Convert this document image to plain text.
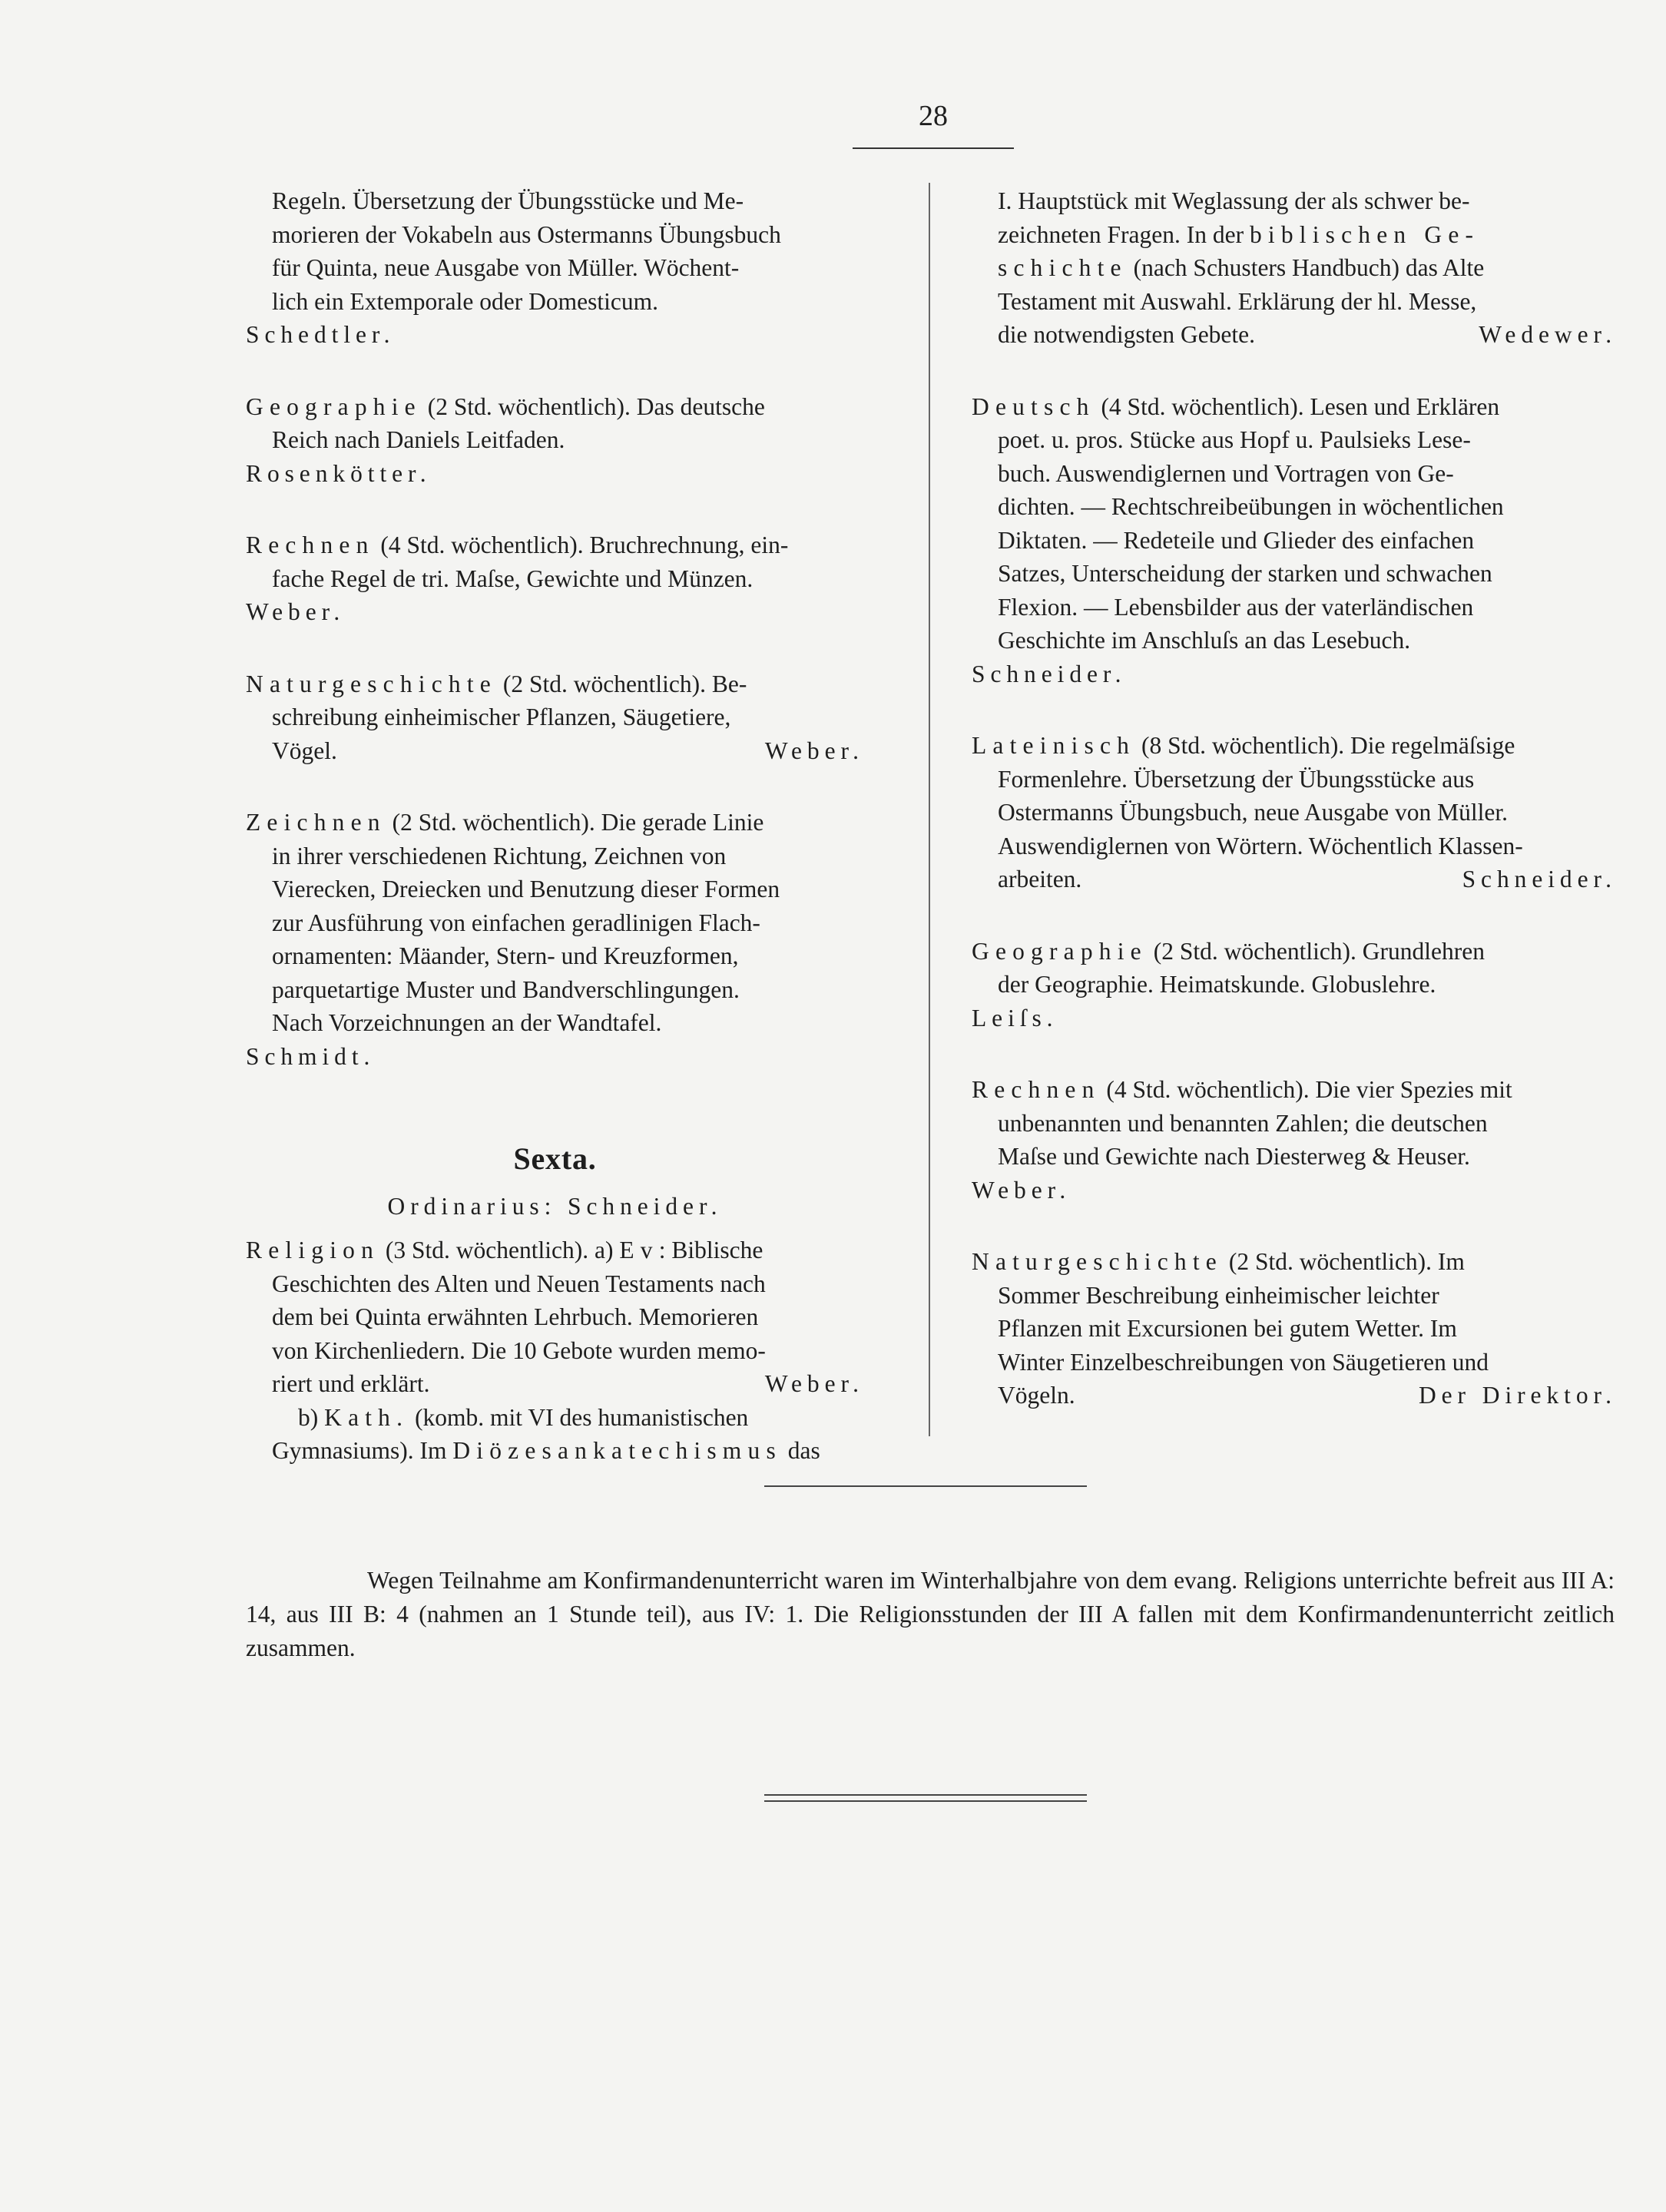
28

Regeln. Übersetzung der Übungsstücke und Me-

morieren der Vokabeln aus Ostermanns Übungsbuch

für Quinta, neue Ausgabe von Müller. Wöchent-

lich ein Extemporale oder Domesticum.

Schedtler.

Geographie (2 Std. wöchentlich). Das deutsche

Reich nach Daniels Leitfaden.

Rosenkötter.

Rechnen (4 Std. wöchentlich). Bruchrechnung, ein-

fache Regel de tri. Maſse, Gewichte und Münzen.

Weber.

Naturgeschichte (2 Std. wöchentlich). Be-

schreibung einheimischer Pflanzen, Säugetiere,

Vögel.	Weber.

Zeichnen (2 Std. wöchentlich). Die gerade Linie

in ihrer verschiedenen Richtung, Zeichnen von

Vierecken, Dreiecken und Benutzung dieser Formen

zur Ausführung von einfachen geradlinigen Flach-

ornamenten: Mäander, Stern- und Kreuzformen,

parquetartige Muster und Bandverschlingungen.

Nach Vorzeichnungen an der Wandtafel.

Schmidt.

Sexta.

Ordinarius: Schneider.

Religion (3 Std. wöchentlich). a) Ev: Biblische

Geschichten des Alten und Neuen Testaments nach

dem bei Quinta erwähnten Lehrbuch. Memorieren

von Kirchenliedern. Die 10 Gebote wurden memo-

riert und erklärt.	Weber.

b) Kath. (komb. mit VI des humanistischen

Gymnasiums). Im Diözesankatechismus das

I. Hauptstück mit Weglassung der als schwer be-

zeichneten Fragen. In der biblischen Ge-

schichte (nach Schusters Handbuch) das Alte

Testament mit Auswahl. Erklärung der hl. Messe,

die notwendigsten Gebete.	Wedewer.

Deutsch (4 Std. wöchentlich). Lesen und Erklären

poet. u. pros. Stücke aus Hopf u. Paulsieks Lese-

buch. Auswendiglernen und Vortragen von Ge-

dichten. — Rechtschreibeübungen in wöchentlichen

Diktaten. — Redeteile und Glieder des einfachen

Satzes, Unterscheidung der starken und schwachen

Flexion. — Lebensbilder aus der vaterländischen

Geschichte im Anschluſs an das Lesebuch.

Schneider.

Lateinisch (8 Std. wöchentlich). Die regelmäſsige

Formenlehre. Übersetzung der Übungsstücke aus

Ostermanns Übungsbuch, neue Ausgabe von Müller.

Auswendiglernen von Wörtern. Wöchentlich Klassen-

arbeiten.	Schneider.

Geographie (2 Std. wöchentlich). Grundlehren

der Geographie. Heimatskunde. Globuslehre.

Leiſs.

Rechnen (4 Std. wöchentlich). Die vier Spezies mit

unbenannten und benannten Zahlen; die deutschen

Maſse und Gewichte nach Diesterweg & Heuser.

Weber.

Naturgeschichte (2 Std. wöchentlich). Im

Sommer Beschreibung einheimischer leichter

Pflanzen mit Excursionen bei gutem Wetter. Im

Winter Einzelbeschreibungen von Säugetieren und

Vögeln.	Der Direktor.

Wegen Teilnahme am Konfirmandenunterricht waren im Winterhalbjahre von dem evang. Religions unterrichte befreit aus III A: 14, aus III B: 4 (nahmen an 1 Stunde teil), aus IV: 1. Die Religionsstunden der III A fallen mit dem Konfirmandenunterricht zeitlich zusammen.
